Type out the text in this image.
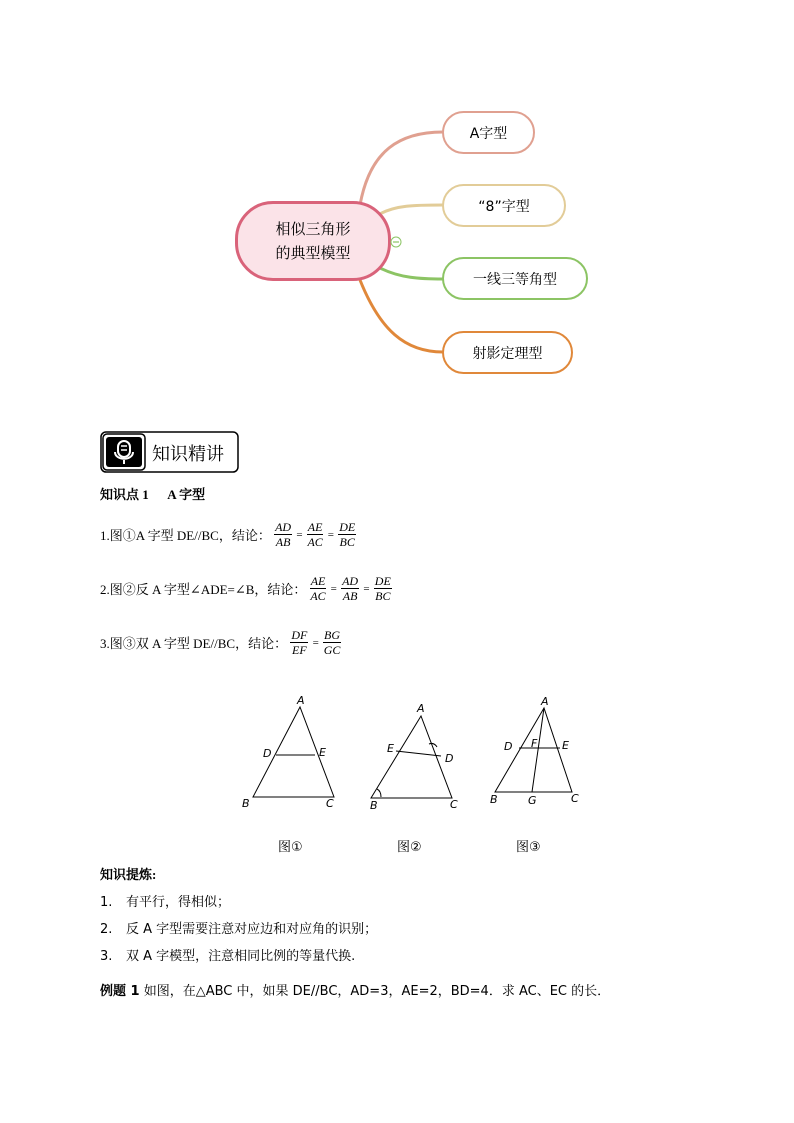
相似三角形
的典型模型
A字型
“8”字型
一线三等角型
射影定理型
知识精讲
知识点 1 A 字型
1.图①A 字型 DE//BC，结论： $\frac{AD}{AB} = \frac{AE}{AC} = \frac{DE}{BC}$
2.图②反 A 字型∠ADE=∠B，结论： $\frac{AE}{AC} = \frac{AD}{AB} = \frac{DE}{BC}$
3.图③双 A 字型 DE//BC，结论： $\frac{DF}{EF} = \frac{BG}{GC}$
A
B	C
D	E
A
B	C
D
E
A
B	C
D	E
F
G
图①	图②	图③
知识提炼:
1. 有平行，得相似；
2. 反 A 字型需要注意对应边和对应角的识别；
3. 双 A 字模型，注意相同比例的等量代换.
例题 1 如图，在△ABC 中，如果 DE//BC，AD=3，AE=2，BD=4．求 AC、EC 的长．
